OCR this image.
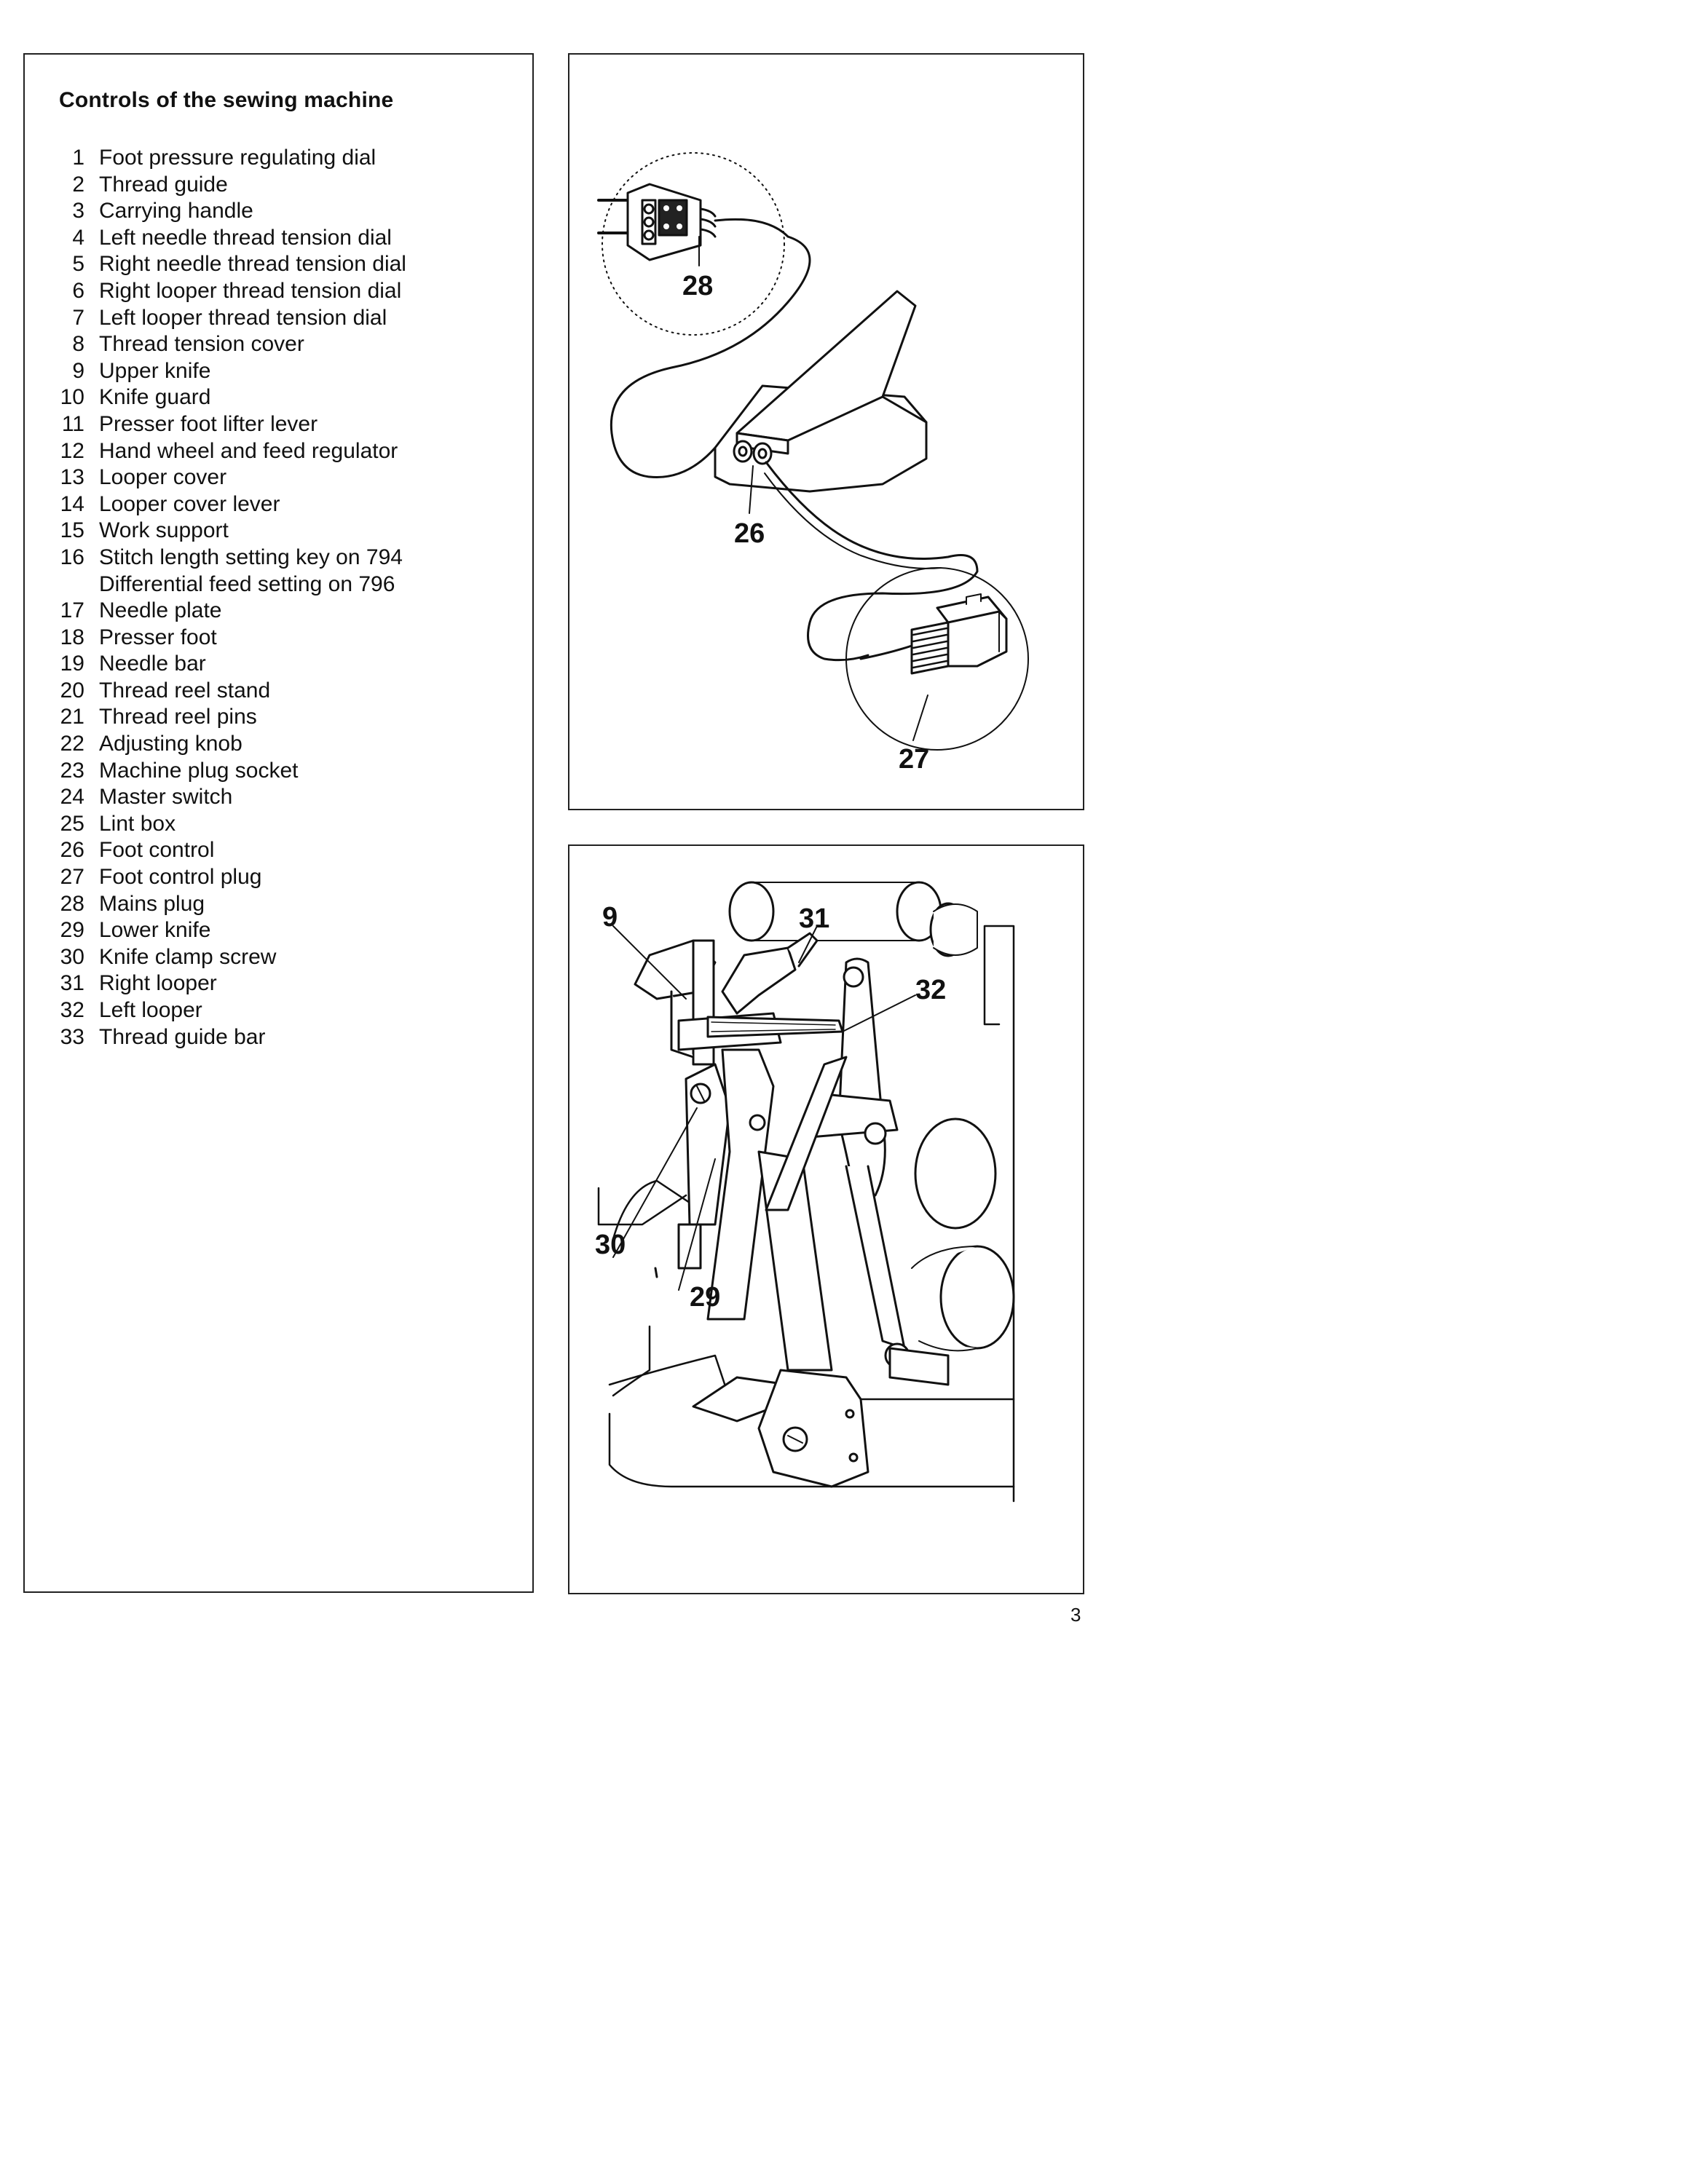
Controls of the sewing machine
1 Foot pressure regulating dial
2 Thread guide
3 Carrying handle
4 Left needle thread tension dial
5 Right needle thread tension dial
6 Right looper thread tension dial
7 Left looper thread tension dial
8 Thread tension cover
9 Upper knife
10 Knife guard
11 Presser foot lifter lever
12 Hand wheel and feed regulator
13 Looper cover
14 Looper cover lever
15 Work support
16 Stitch length setting key on 794
Differential feed setting on 796
17 Needle plate
18 Presser foot
19 Needle bar
20 Thread reel stand
21 Thread reel pins
22 Adjusting knob
23 Machine plug socket
24 Master switch
25 Lint box
26 Foot control
27 Foot control plug
28 Mains plug
29 Lower knife
30 Knife clamp screw
31 Right looper
32 Left looper
33 Thread guide bar
28
26
27
9	31
32
30
29
3
